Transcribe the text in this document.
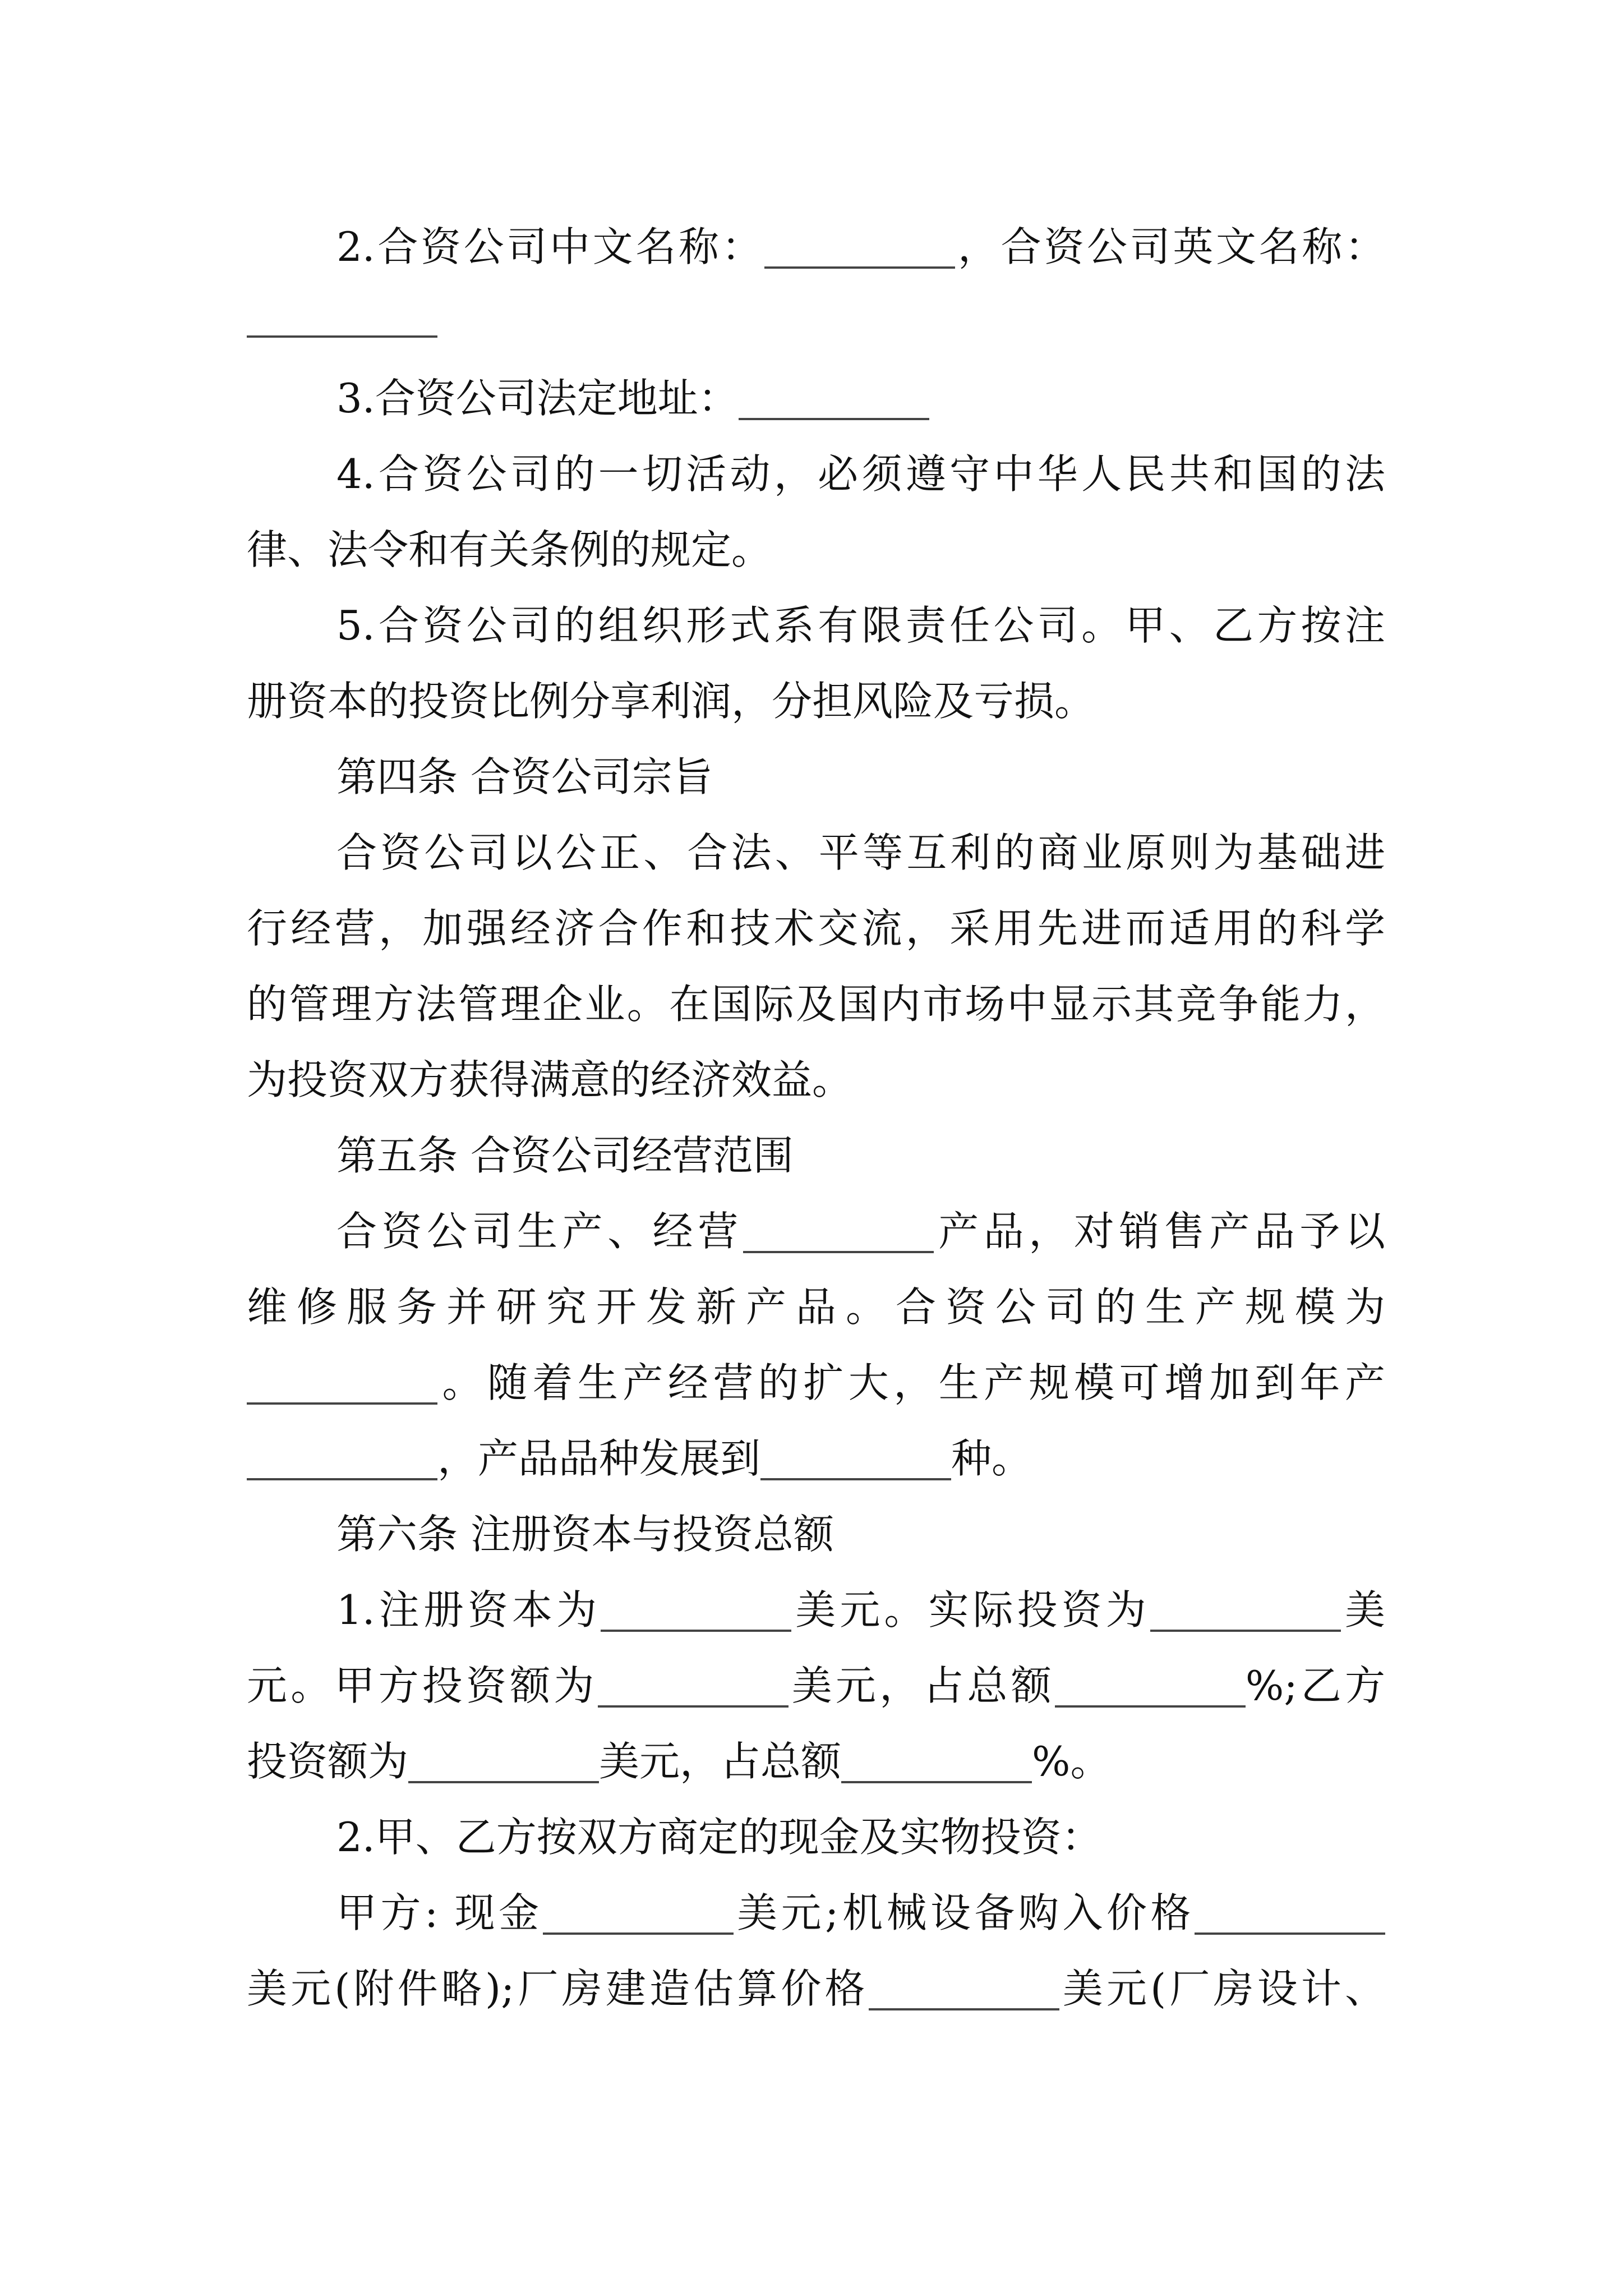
2.合资公司中文名称：	，合资公司英文名称：
3.合资公司法定地址：
4.合资公司的一切活动，必须遵守中华人民共和国的法
律、法令和有关条例的规定。
5.合资公司的组织形式系有限责任公司。甲、乙方按注
册资本的投资比例分享利润，分担风险及亏损。
第四条 合资公司宗旨
合资公司以公正、合法、平等互利的商业原则为基础进
行经营，加强经济合作和技术交流，采用先进而适用的科学
的管理方法管理企业。在国际及国内市场中显示其竞争能力，
为投资双方获得满意的经济效益。
第五条 合资公司经营范围
合资公司生产、经营	产品，对销售产品予以
维修服务并研究开发新产品。合资公司的生产规模为
。随着生产经营的扩大，生产规模可增加到年产
，产品品种发展到	种。
第六条 注册资本与投资总额
1.注册资本为	美元。实际投资为	美
元。甲方投资额为	美元，占总额	%;乙方
投资额为	美元，占总额	%。
2.甲、乙方按双方商定的现金及实物投资：
甲方: 现金	美元;机械设备购入价格
美元(附件略);厂房建造估算价格	美元(厂房设计、
